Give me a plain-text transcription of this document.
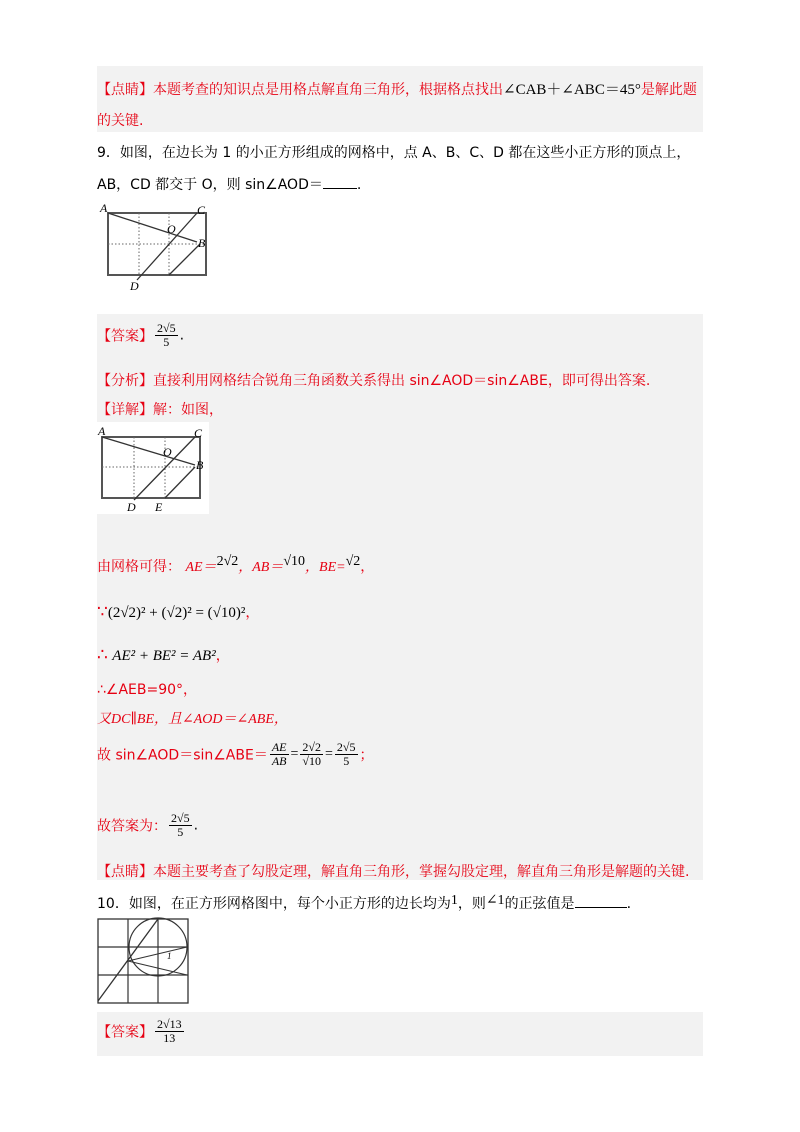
【点睛】本题考查的知识点是用格点解直角三角形，根据格点找出∠CAB＋∠ABC＝45°是解此题
的关键.
9．如图，在边长为 1 的小正方形组成的网格中，点 A、B、C、D 都在这些小正方形的顶点上，
AB，CD 都交于 O，则 sin∠AOD＝ .
A	C
O
B
D
【答案】 $\frac{2√5}{5}$ .
【分析】直接利用网格结合锐角三角函数关系得出 sin∠AOD＝sin∠ABE，即可得出答案.
【详解】解：如图，
A	C
O
B
D E
由网格可得： AE＝2√2，AB＝√10，BE=√2，
∵(2√2)² + (√2)² = (√10)²，
∴ AE² + BE² = AB²，
∴∠AEB=90°，
又DC∥BE，且∠AOD＝∠ABE，
故 sin∠AOD＝sin∠ABE＝ $\frac{AE}{AB} = \frac{2√2}{√10} = \frac{2√5}{5}$ ；
故答案为： $\frac{2√5}{5}$ .
【点睛】本题主要考查了勾股定理，解直角三角形，掌握勾股定理，解直角三角形是解题的关键.
10．如图，在正方形网格图中，每个小正方形的边长均为1，则∠1的正弦值是	.
1
【答案】 $\frac{2√13}{13}$
